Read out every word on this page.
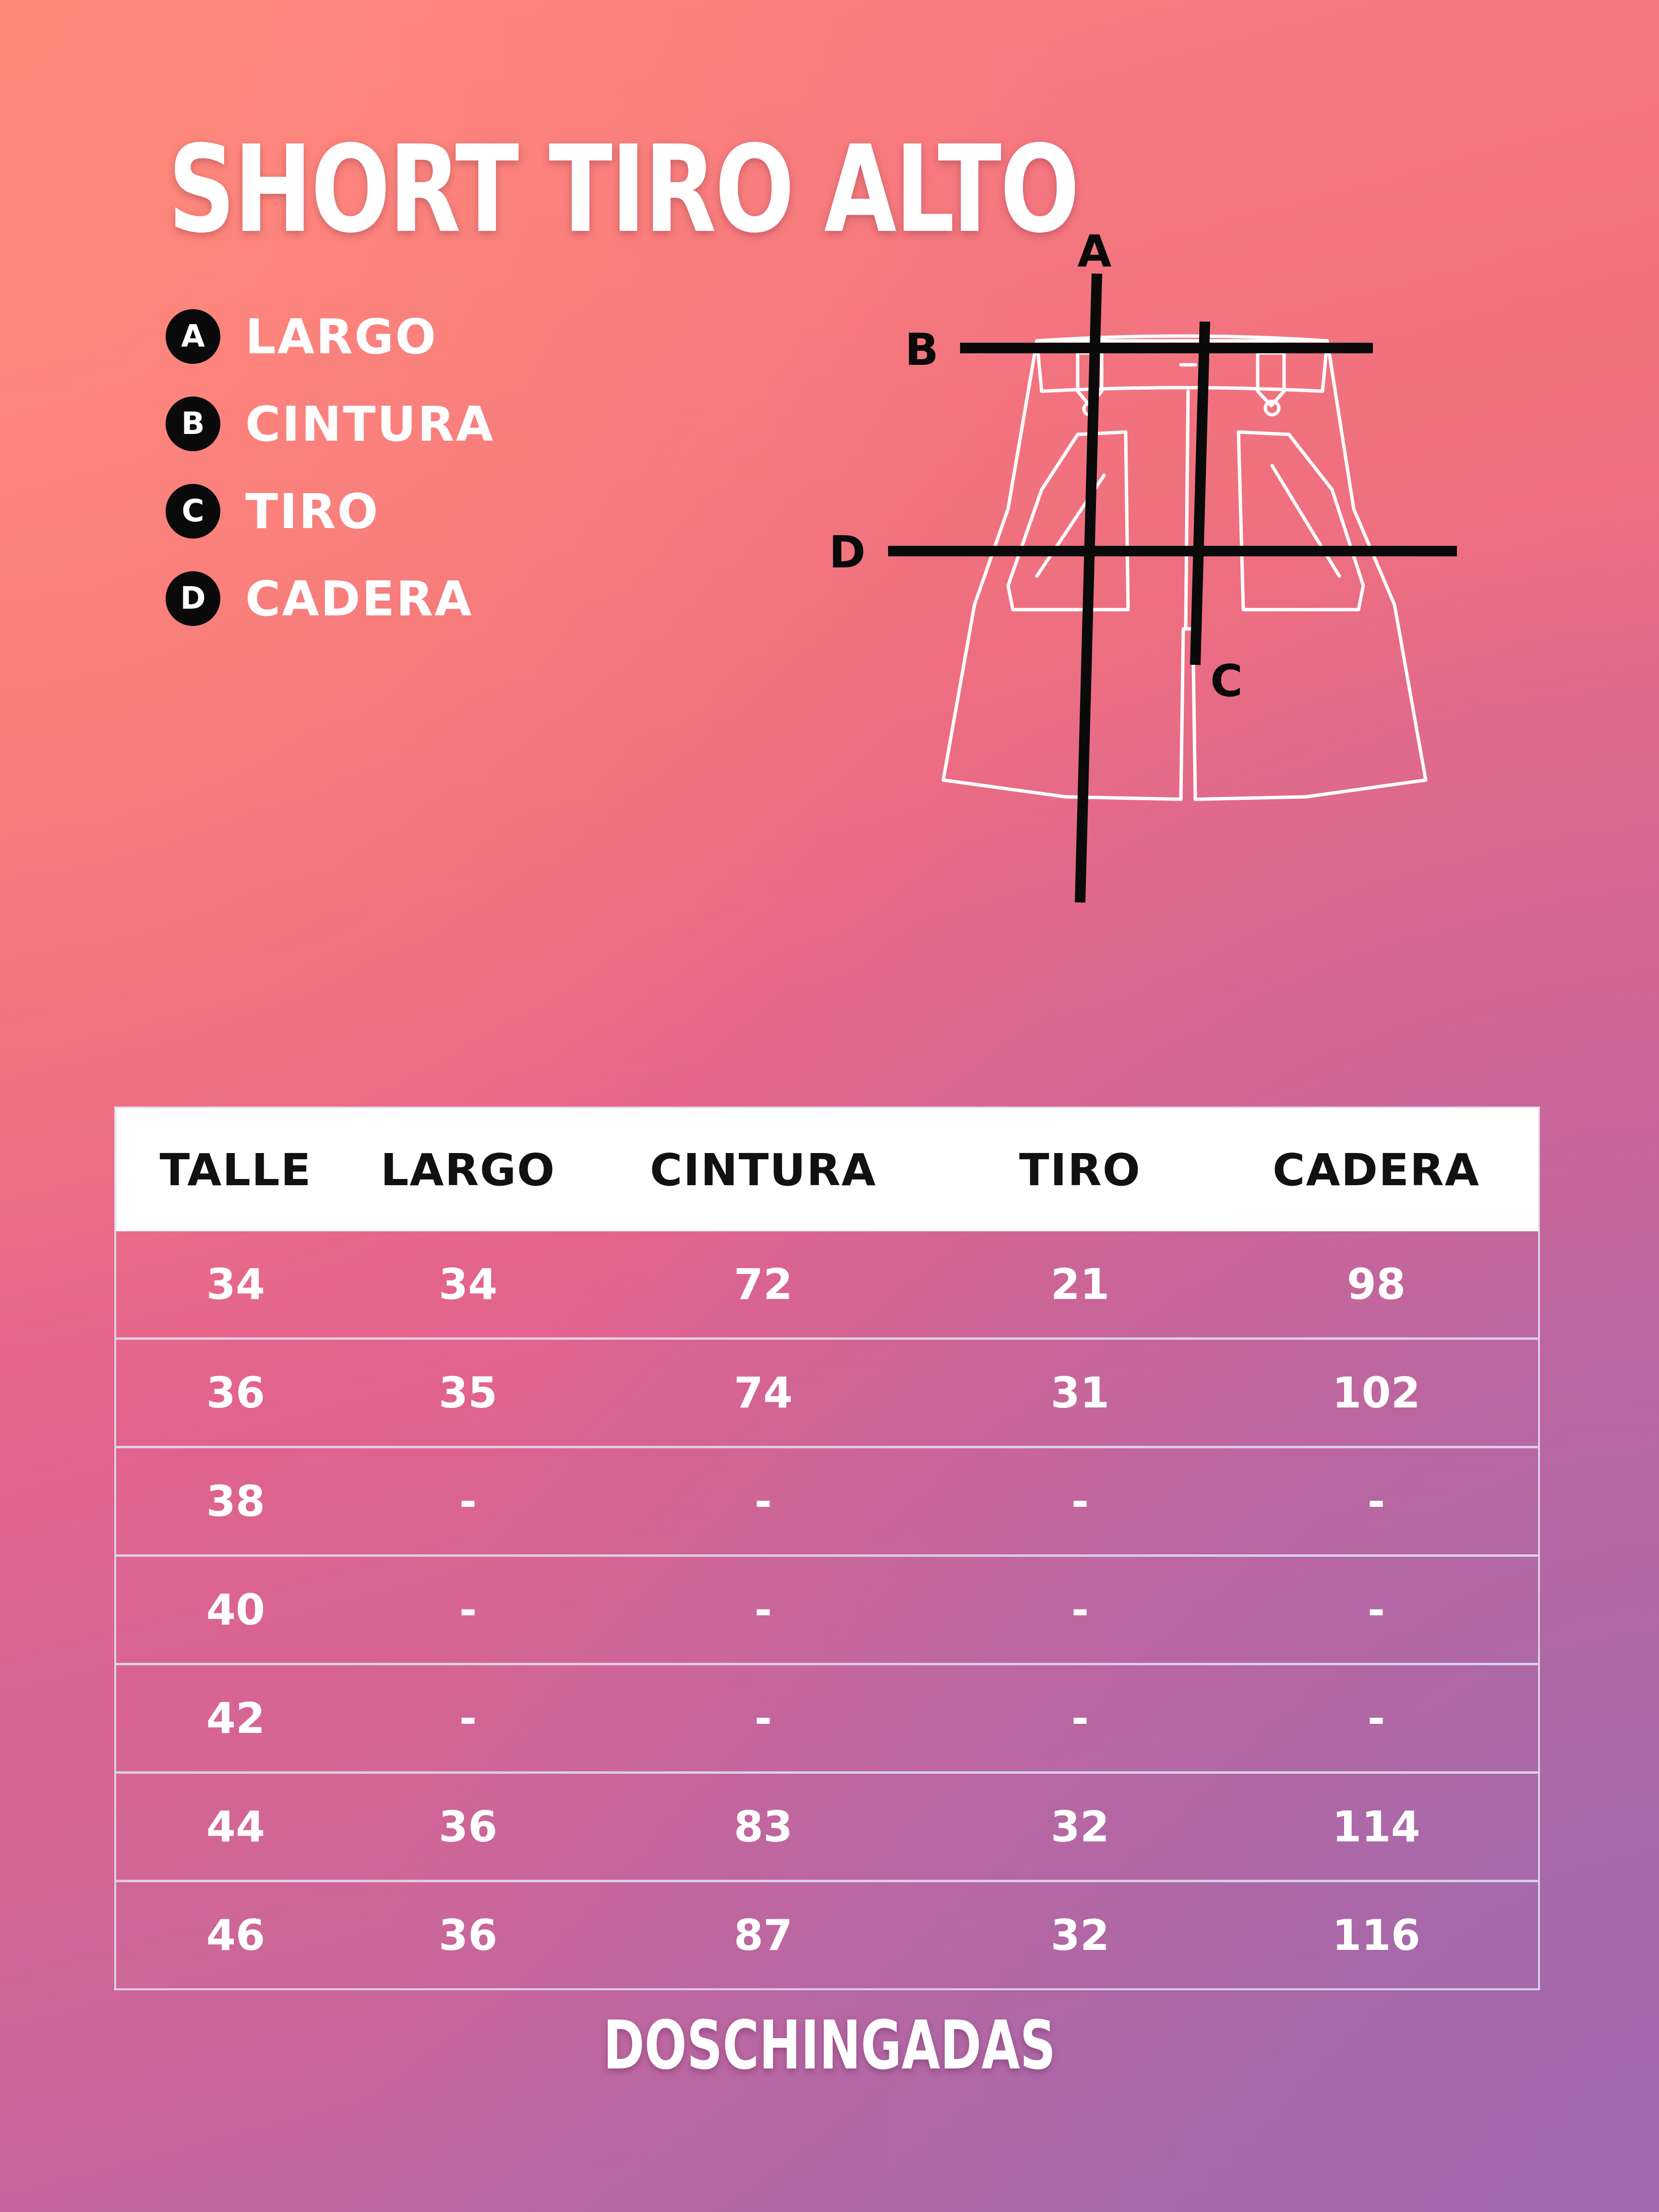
SHORT TIRO ALTO
A LARGO
B CINTURA
C TIRO
D CADERA
A
B
C
D
TALLE	LARGO	CINTURA	TIRO	CADERA
34	34	72	21	98
36	35	74	31	102
38	-	-	-	-
40	-	-	-	-
42	-	-	-	-
44	36	83	32	114
46	36	87	32	116
DOSCHINGADAS
